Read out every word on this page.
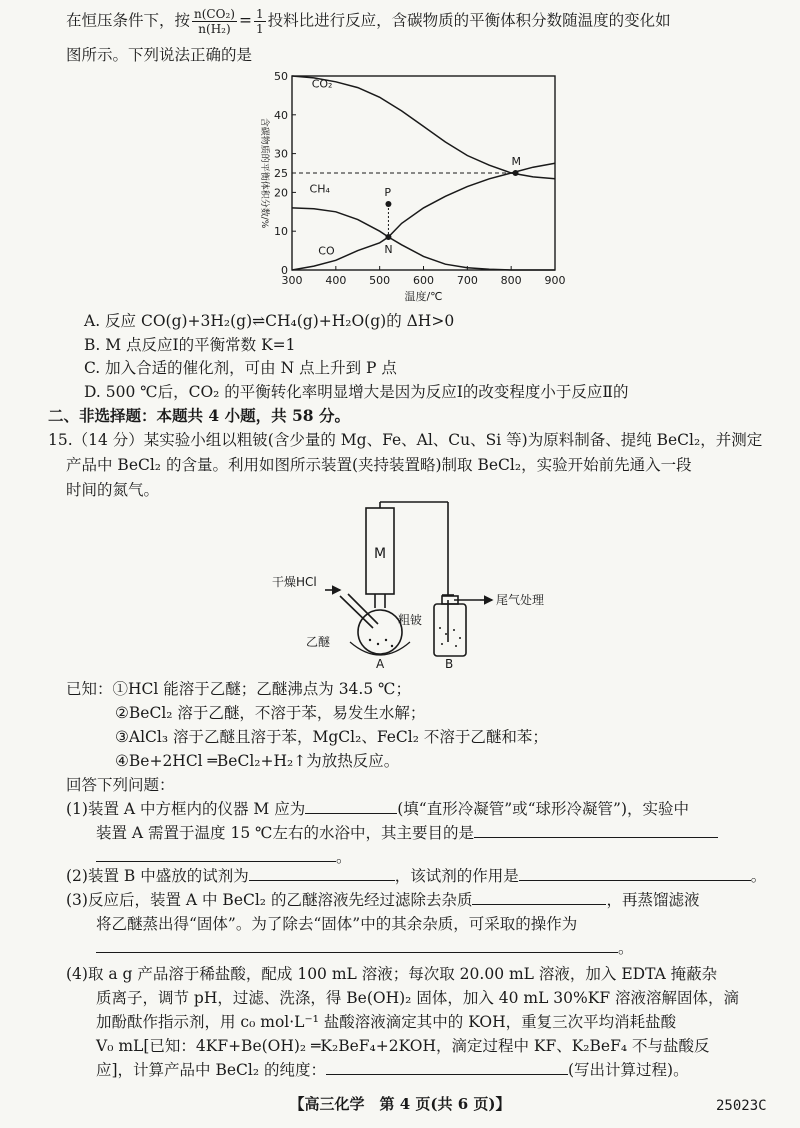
在恒压条件下，按 $\frac{\text{n(CO₂)}}{\text{n(H₂)}} = \frac{1}{1}$ 投料比进行反应，含碳物质的平衡体积分数随温度的变化如
图所示。下列说法正确的是
300 400 500 600 700 800 900
0
10
20
25
30
40
50
温度/℃
含碳物质的平衡体积分数/%
CO₂
CH₄
CO
M
N
P
A. 反应 CO(g)+3H₂(g)⇌CH₄(g)+H₂O(g)的 ΔH>0
B. M 点反应Ⅰ的平衡常数 K=1
C. 加入合适的催化剂，可由 N 点上升到 P 点
D. 500 ℃后，CO₂ 的平衡转化率明显增大是因为反应Ⅰ的改变程度小于反应Ⅱ的
二、非选择题：本题共 4 小题，共 58 分。
15.（14 分）某实验小组以粗铍(含少量的 Mg、Fe、Al、Cu、Si 等)为原料制备、提纯 BeCl₂，并测定
产品中 BeCl₂ 的含量。利用如图所示装置(夹持装置略)制取 BeCl₂，实验开始前先通入一段
时间的氮气。
M
干燥HCl
乙醚
粗铍
尾气处理
A	B
已知：①HCl 能溶于乙醚；乙醚沸点为 34.5 ℃；
②BeCl₂ 溶于乙醚，不溶于苯，易发生水解；
③AlCl₃ 溶于乙醚且溶于苯，MgCl₂、FeCl₂ 不溶于乙醚和苯；
④Be+2HCl ═BeCl₂+H₂↑为放热反应。
回答下列问题：
(1)装置 A 中方框内的仪器 M 应为	(填“直形冷凝管”或“球形冷凝管”)，实验中
装置 A 需置于温度 15 ℃左右的水浴中，其主要目的是
。
(2)装置 B 中盛放的试剂为	，该试剂的作用是	。
(3)反应后，装置 A 中 BeCl₂ 的乙醚溶液先经过滤除去杂质	，再蒸馏滤液
将乙醚蒸出得“固体”。为了除去“固体”中的其余杂质，可采取的操作为
。
(4)取 a g 产品溶于稀盐酸，配成 100 mL 溶液；每次取 20.00 mL 溶液，加入 EDTA 掩蔽杂
质离子，调节 pH，过滤、洗涤，得 Be(OH)₂ 固体，加入 40 mL 30%KF 溶液溶解固体，滴
加酚酞作指示剂，用 c₀ mol·L⁻¹ 盐酸溶液滴定其中的 KOH，重复三次平均消耗盐酸
V₀ mL[已知：4KF+Be(OH)₂ ═K₂BeF₄+2KOH，滴定过程中 KF、K₂BeF₄ 不与盐酸反
应]，计算产品中 BeCl₂ 的纯度：	(写出计算过程)。
【高三化学　第 4 页(共 6 页)】	25023C
